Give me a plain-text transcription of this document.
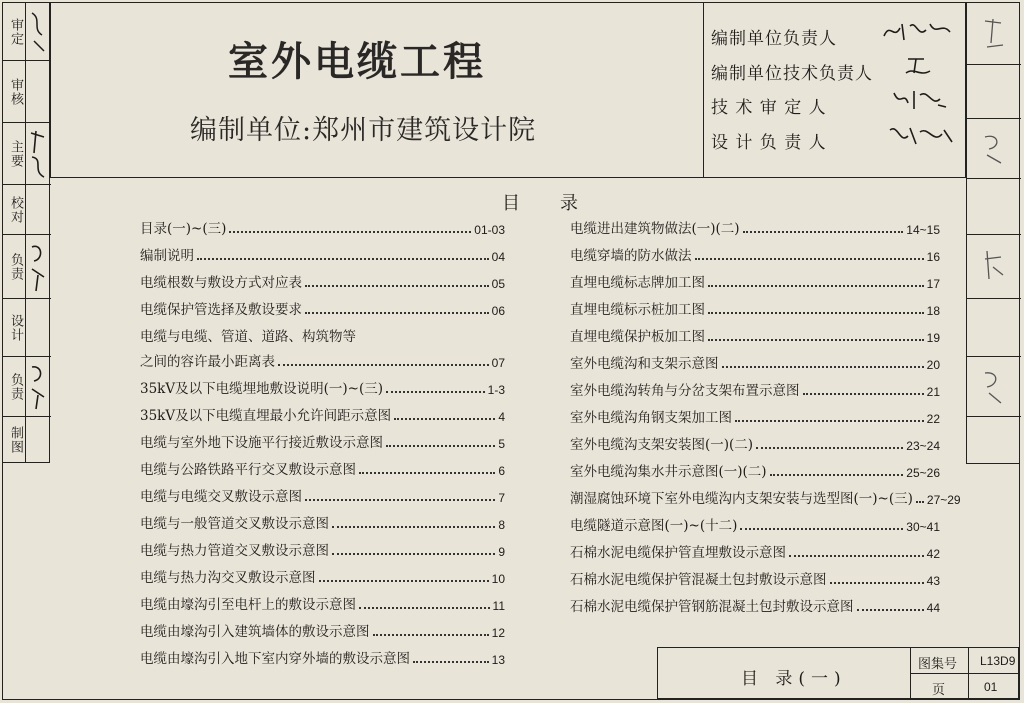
室外电缆工程
编制单位:郑州市建筑设计院
编制单位负责人
编制单位技术负责人
技 术 审 定 人
设 计 负 责 人
审定
审核
主要
校对
负责
设计
负责
制图
目录
目录(一)~(三)	01-03
编制说明	04
电缆根数与敷设方式对应表	05
电缆保护管选择及敷设要求	06
电缆与电缆、管道、道路、构筑物等
之间的容许最小距离表	07
35kV及以下电缆埋地敷设说明(一)~(三)	1-3
35kV及以下电缆直埋最小允许间距示意图	4
电缆与室外地下设施平行接近敷设示意图	5
电缆与公路铁路平行交叉敷设示意图	6
电缆与电缆交叉敷设示意图	7
电缆与一般管道交叉敷设示意图	8
电缆与热力管道交叉敷设示意图	9
电缆与热力沟交叉敷设示意图	10
电缆由壕沟引至电杆上的敷设示意图	11
电缆由壕沟引入建筑墙体的敷设示意图	12
电缆由壕沟引入地下室内穿外墙的敷设示意图	13
电缆进出建筑物做法(一)(二)	14~15
电缆穿墙的防水做法	16
直埋电缆标志牌加工图	17
直埋电缆标示桩加工图	18
直埋电缆保护板加工图	19
室外电缆沟和支架示意图	20
室外电缆沟转角与分岔支架布置示意图	21
室外电缆沟角钢支架加工图	22
室外电缆沟支架安装图(一)(二)	23~24
室外电缆沟集水井示意图(一)(二)	25~26
潮湿腐蚀环境下室外电缆沟内支架安装与选型图(一)~(三) 27~29
电缆隧道示意图(一)~(十二)	30~41
石棉水泥电缆保护管直埋敷设示意图	42
石棉水泥电缆保护管混凝土包封敷设示意图	43
石棉水泥电缆保护管钢筋混凝土包封敷设示意图	44
目 录(一)
图集号 L13D9
页	01
